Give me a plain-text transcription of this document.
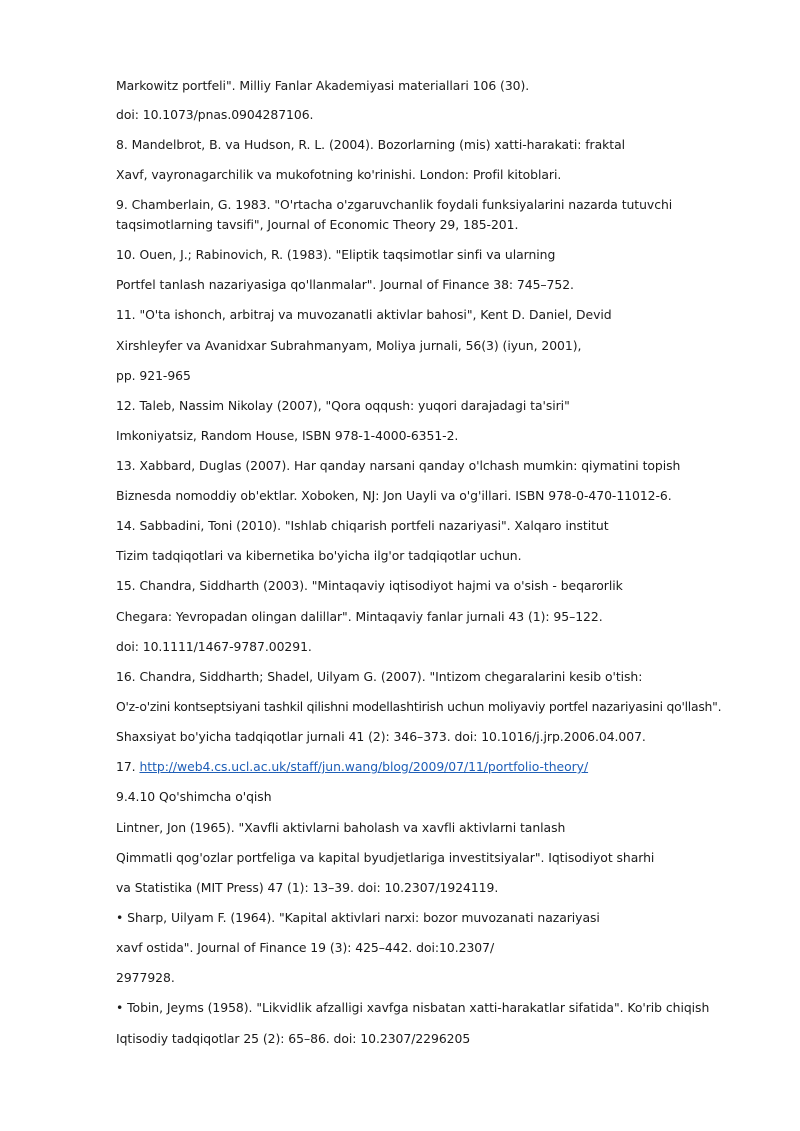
Markowitz portfeli". Milliy Fanlar Akademiyasi materiallari 106 (30).
doi: 10.1073/pnas.0904287106.
8. Mandelbrot, B. va Hudson, R. L. (2004). Bozorlarning (mis) xatti-harakati: fraktal
Xavf, vayronagarchilik va mukofotning ko'rinishi. London: Profil kitoblari.
9. Chamberlain, G. 1983. "O'rtacha o'zgaruvchanlik foydali funksiyalarini nazarda tutuvchi
taqsimotlarning tavsifi", Journal of Economic Theory 29, 185-201.
10. Ouen, J.; Rabinovich, R. (1983). "Eliptik taqsimotlar sinfi va ularning
Portfel tanlash nazariyasiga qo'llanmalar". Journal of Finance 38: 745–752.
11. "O'ta ishonch, arbitraj va muvozanatli aktivlar bahosi", Kent D. Daniel, Devid
Xirshleyfer va Avanidxar Subrahmanyam, Moliya jurnali, 56(3) (iyun, 2001),
pp. 921-965
12. Taleb, Nassim Nikolay (2007), "Qora oqqush: yuqori darajadagi ta'siri"
Imkoniyatsiz, Random House, ISBN 978-1-4000-6351-2.
13. Xabbard, Duglas (2007). Har qanday narsani qanday o'lchash mumkin: qiymatini topish
Biznesda nomoddiy ob'ektlar. Xoboken, NJ: Jon Uayli va o'g'illari. ISBN 978-0-470-11012-6.
14. Sabbadini, Toni (2010). "Ishlab chiqarish portfeli nazariyasi". Xalqaro institut
Tizim tadqiqotlari va kibernetika bo'yicha ilg'or tadqiqotlar uchun.
15. Chandra, Siddharth (2003). "Mintaqaviy iqtisodiyot hajmi va o'sish - beqarorlik
Chegara: Yevropadan olingan dalillar". Mintaqaviy fanlar jurnali 43 (1): 95–122.
doi: 10.1111/1467-9787.00291.
16. Chandra, Siddharth; Shadel, Uilyam G. (2007). "Intizom chegaralarini kesib o'tish:
O'z-o'zini kontseptsiyani tashkil qilishni modellashtirish uchun moliyaviy portfel nazariyasini qo'llash".
Shaxsiyat bo'yicha tadqiqotlar jurnali 41 (2): 346–373. doi: 10.1016/j.jrp.2006.04.007.
17. http://web4.cs.ucl.ac.uk/staff/jun.wang/blog/2009/07/11/portfolio-theory/
9.4.10 Qo'shimcha o'qish
Lintner, Jon (1965). "Xavfli aktivlarni baholash va xavfli aktivlarni tanlash
Qimmatli qog'ozlar portfeliga va kapital byudjetlariga investitsiyalar". Iqtisodiyot sharhi
va Statistika (MIT Press) 47 (1): 13–39. doi: 10.2307/1924119.
• Sharp, Uilyam F. (1964). "Kapital aktivlari narxi: bozor muvozanati nazariyasi
xavf ostida". Journal of Finance 19 (3): 425–442. doi:10.2307/
2977928.
• Tobin, Jeyms (1958). "Likvidlik afzalligi xavfga nisbatan xatti-harakatlar sifatida". Ko'rib chiqish
Iqtisodiy tadqiqotlar 25 (2): 65–86. doi: 10.2307/2296205
